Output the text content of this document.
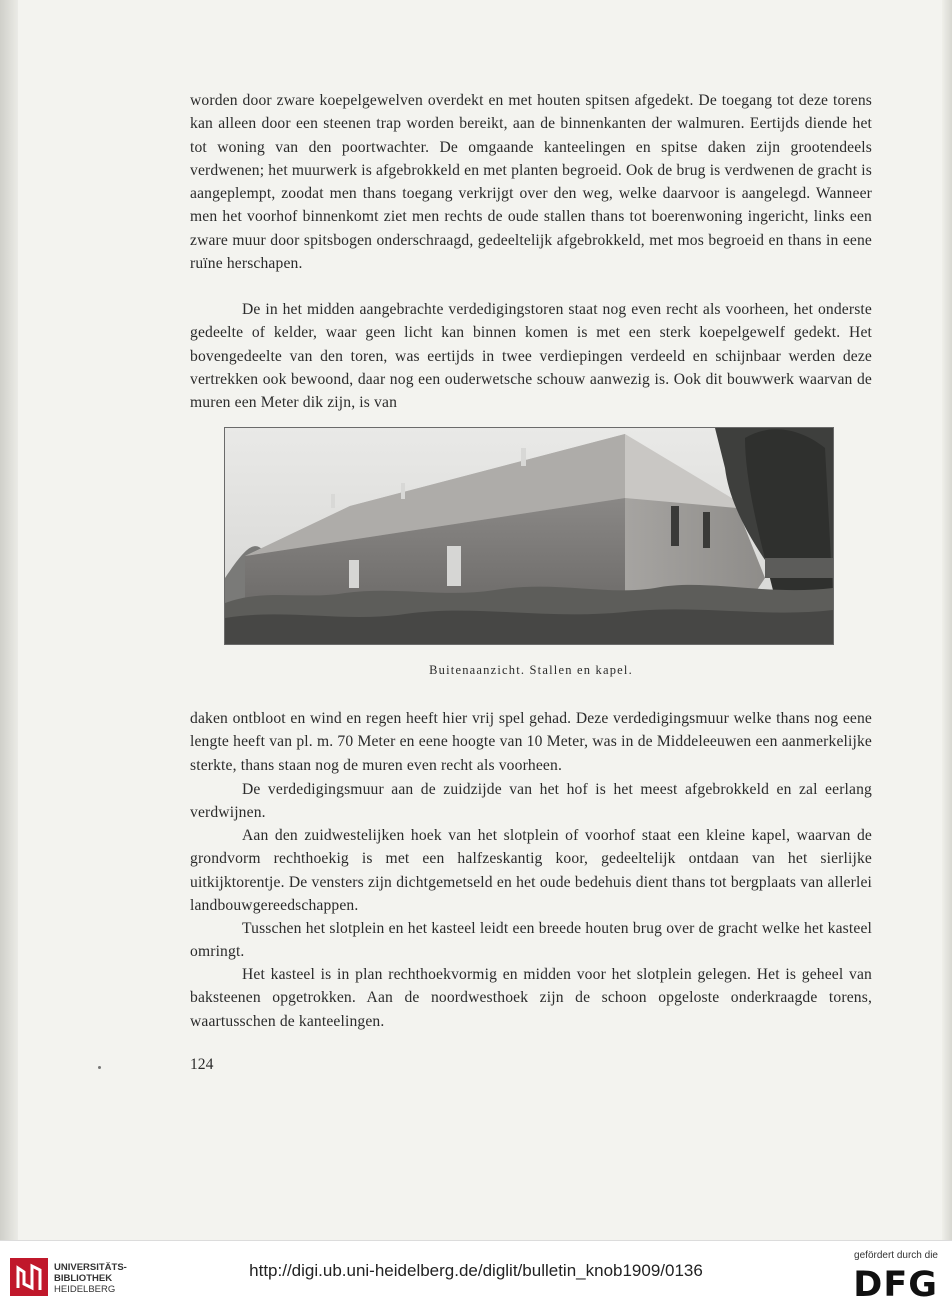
worden door zware koepelgewelven overdekt en met houten spitsen afgedekt. De toegang tot deze torens kan alleen door een steenen trap worden bereikt, aan de binnenkanten der walmuren. Eertijds diende het tot woning van den poortwachter. De omgaande kanteelingen en spitse daken zijn grootendeels verdwenen; het muurwerk is afgebrokkeld en met planten begroeid. Ook de brug is verdwenen de gracht is aangeplempt, zoodat men thans toegang verkrijgt over den weg, welke daarvoor is aangelegd. Wanneer men het voorhof binnenkomt ziet men rechts de oude stallen thans tot boerenwoning ingericht, links een zware muur door spitsbogen onderschraagd, gedeeltelijk afgebrokkeld, met mos begroeid en thans in eene ruïne herschapen.

De in het midden aangebrachte verdedigingstoren staat nog even recht als voorheen, het onderste gedeelte of kelder, waar geen licht kan binnen komen is met een sterk koepelgewelf gedekt. Het bovengedeelte van den toren, was eertijds in twee verdiepingen verdeeld en schijnbaar werden deze vertrekken ook bewoond, daar nog een ouderwetsche schouw aanwezig is. Ook dit bouwwerk waarvan de muren een Meter dik zijn, is van

Buitenaanzicht. Stallen en kapel.

daken ontbloot en wind en regen heeft hier vrij spel gehad. Deze verdedigingsmuur welke thans nog eene lengte heeft van pl. m. 70 Meter en eene hoogte van 10 Meter, was in de Middeleeuwen een aanmerkelijke sterkte, thans staan nog de muren even recht als voorheen.

De verdedigingsmuur aan de zuidzijde van het hof is het meest afgebrokkeld en zal eerlang verdwijnen.

Aan den zuidwestelijken hoek van het slotplein of voorhof staat een kleine kapel, waarvan de grondvorm rechthoekig is met een halfzeskantig koor, gedeeltelijk ontdaan van het sierlijke uitkijktorentje. De vensters zijn dichtgemetseld en het oude bedehuis dient thans tot bergplaats van allerlei landbouwgereedschappen.

Tusschen het slotplein en het kasteel leidt een breede houten brug over de gracht welke het kasteel omringt.

Het kasteel is in plan rechthoekvormig en midden voor het slotplein gelegen. Het is geheel van baksteenen opgetrokken. Aan de noordwesthoek zijn de schoon opgeloste onderkraagde torens, waartusschen de kanteelingen.

124

UNIVERSITÄTS-
BIBLIOTHEK
HEIDELBERG

http://digi.ub.uni-heidelberg.de/diglit/bulletin_knob1909/0136

gefördert durch die

DFG
